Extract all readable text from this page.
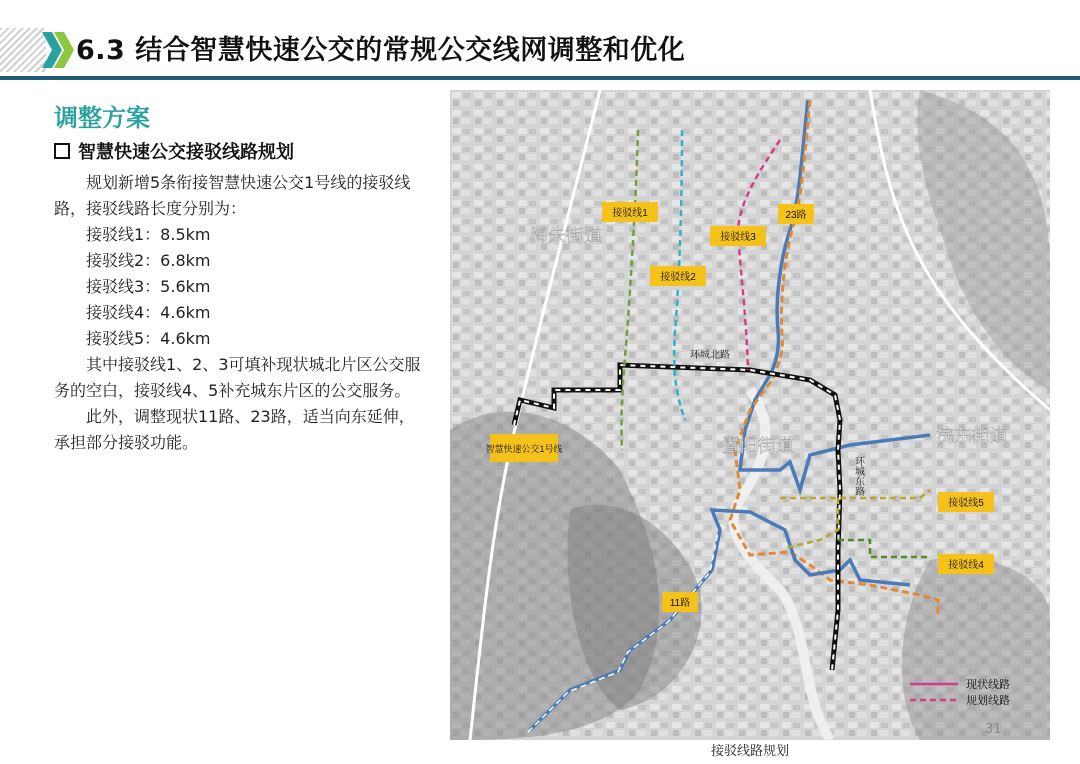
6.3 结合智慧快速公交的常规公交线网调整和优化
调整方案
智慧快速公交接驳线路规划

规划新增5条衔接智慧快速公交1号线的接驳线路，接驳线路长度分别为：

接驳线1：8.5km

接驳线2：6.8km

接驳线3：5.6km

接驳线4：4.6km

接驳线5：4.6km

其中接驳线1、2、3可填补现状城北片区公交服务的空白，接驳线4、5补充城东片区的公交服务。

此外，调整现状11路、23路，适当向东延伸，承担部分接驳功能。

陶朱街道
暨阳街道	浣东街道
环城北路
环城东路
接驳线1
接驳线2
接驳线3
23路
接驳线5
接驳线4
11路
智慧快速公交1号线
现状线路
规划线路
31
接驳线路规划
